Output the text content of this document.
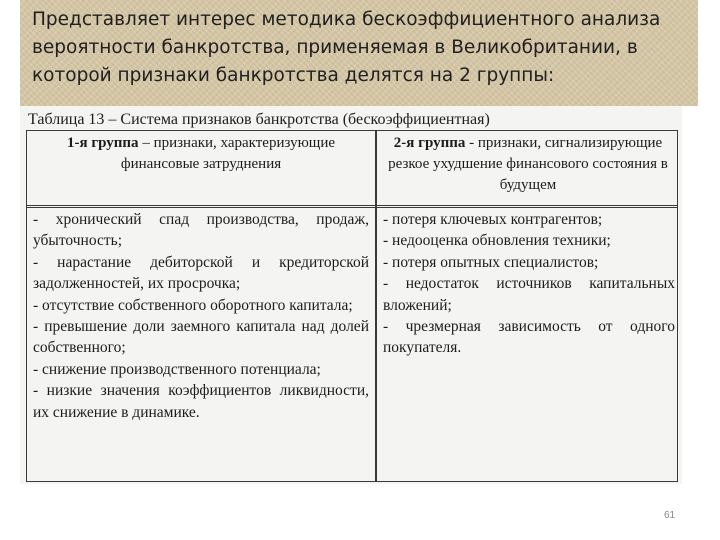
Представляет интерес методика бескоэффициентного анализа вероятности банкротства, применяемая в Великобритании, в которой признаки банкротства делятся на 2 группы:
Таблица 13 – Система признаков банкротства (бескоэффициентная)
1-я группа – признаки, характеризующие финансовые затруднения
2-я группа - признаки, сигнализирующие резкое ухудшение финансового состояния в будущем
- хронический спад производства, продаж, убыточность;
- нарастание дебиторской и кредиторской задолженностей, их просрочка;
- отсутствие собственного оборотного капитала;
- превышение доли заемного капитала над долей собственного;
- снижение производственного потенциала;
- низкие значения коэффициентов ликвидности, их снижение в динамике.
- потеря ключевых контрагентов;
- недооценка обновления техники;
- потеря опытных специалистов;
- недостаток источников капитальных вложений;
- чрезмерная зависимость от одного покупателя.
61
